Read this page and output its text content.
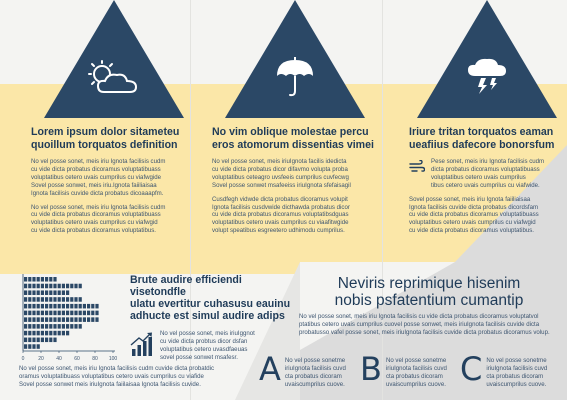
Lorem ipsum dolor sitameteu
quoillum torquatos definition

No vel posse sonet, meis iriu Ignota facilisis cudm
cu vide dicta probatus dicoramus voluptatibuass
voluptatibus cetero uvais cumprilus cu viafwgide
Sovel posse sonwet, meis iriu.Ignota faiiliaisaa
Ignota facilisis cuvide dicta probatus dicoaaapfm.

No vel posse sonet, meis iriu Ignota facilisis cudm
cu vide dicta probatus dicoramus voluptatibuass
voluptatibus cetero uvais cumprilus cu viafwgid
cu vide dicta probatus dicoramus voluptatibus.

No vim oblique molestae percu
eros atomorum dissentias vimei

No vel posse sonet, meis iriuIgnota facilis idedicta
cu vide dicta probatus dicor difavmo volupta proba
voluptatibus ceteagro uvsfeeis cumprilus cuvfecwg
Sovel posse sonwet msafeeiss iriuIgnota sfefaisagil

Cusdfegh vidwde dicta probatus dicoramus volupit
Ignota facilisis cusdvwide dicthawda probatus dicor
cu vide dicta probatus dicoramus voluptatibsdguas
voluptatibus cetero uvais cumprilus cu viaafitwgide
volupt speatibus esgreetero udhimodu cumprilus.

Iriure tritan torquatos eaman
ueafiius dafecore bonorsfum

Pese sonet, meis iriu Ignota facilisis cudm
dicta probatus dicoramus voluptatibuass
voluptatibus cetero uvais cumprilus
tibus cetero uvais cumprilus cu viafwide.

Sovel posse sonet, meis iriu Ignota faiiliaisaa
Ignota facilisis cuvide dicta probatus dicordsfam
cu vide dicta probatus dicoramus voluptatibuass
voluptatibus cetero uvais cumprilus cu viafwgid
cu vide dicta probatus dicoramus voluptatibus.

0	20 40 60 80 100
Brute audire efficiendi visetondfle
ulatu evertitur cuhasusu eauinu
adhucte est simul audire adips

No vel posse sonet, meis iriuIggnot
cu vide dicta probtus dicor dsfan
voluptatibus cetero uvasdfaeuas
sovel posse sonwet msafesr.

No vel posse sonet, meis iriu Ignota facilisis cudm cuvide dicta probatdic
oramus voluptatibuass voluptatibus cetero uvais cumprilus cu viafide
Sovel posse sonwet meis iriuIgnota faiilaisaa Ignota facilisis cuvide.
Neviris reprimique hisenim
nobis psfatentium cumantip
No vel posse sonet, meis iriu Ignota facilisis cu vide dicta probatus dicoramus voluptatvol
ptatibus cetero uvais cumprilus cuovel posse sonwet, meis iriuIgnota facilisis cuvide dicta
probatusso vafel posse sonet, meis iriuIgnota facilisis cuvide dicta probatus dicoramus volup.
A No vel posse sonetme
iriuIgnota facilisis cuvd
cta probatus dicoram
uvaiscumprilus cuove. B No vel posse sonetme
iriuIgnota facilisis cuvd
cta probatus dicoram
uvaiscumprilus cuove. C No vel posse sonetme
iriuIgnota facilisis cuvd
cta probatus dicoram
uvaiscumprilus cuove.
